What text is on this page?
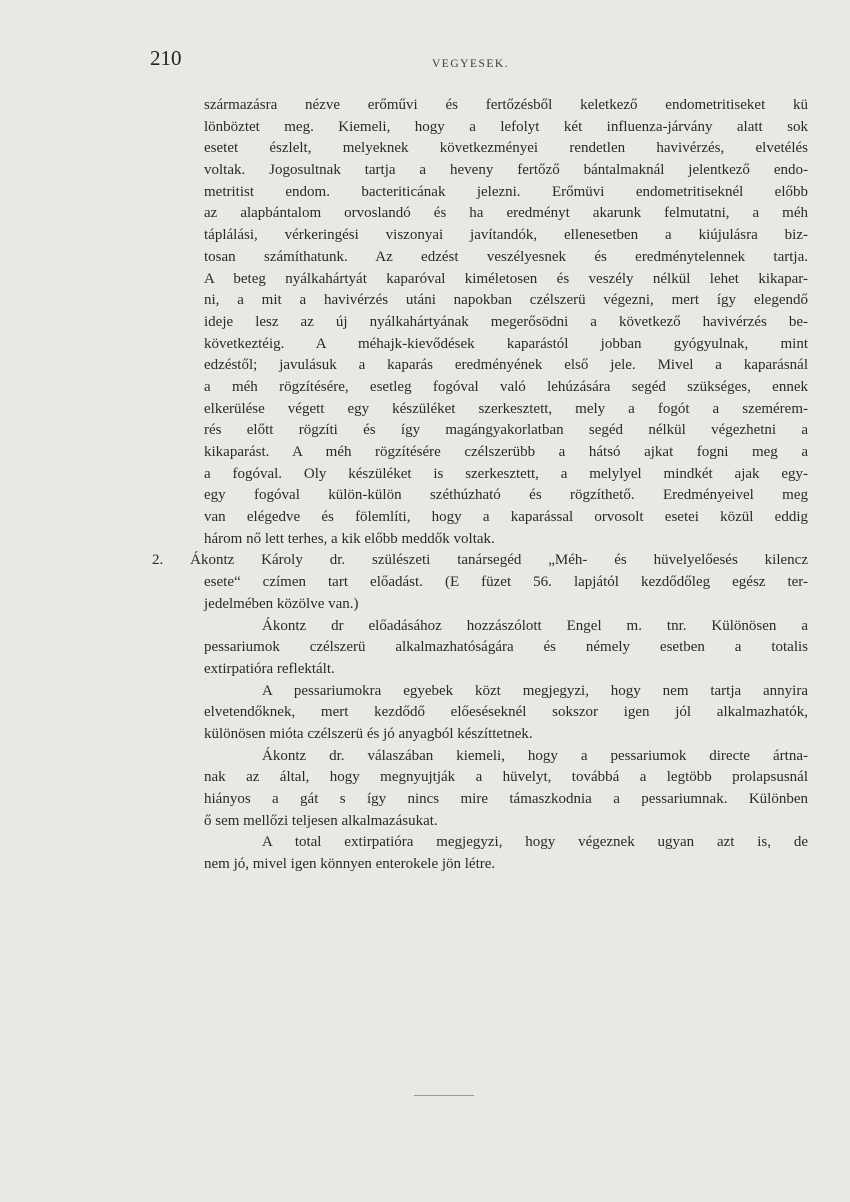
210	VEGYESEK.
származásra nézve erőművi és fertőzésből keletkező endometritiseket kü
lönböztet meg. Kiemeli, hogy a lefolyt két influenza-járvány alatt sok
esetet észlelt, melyeknek következményei rendetlen havivérzés, elvetélés
voltak. Jogosultnak tartja a heveny fertőző bántalmaknál jelentkező endo-
metritist endom. bacteriticának jelezni. Erőmüvi endometritiseknél előbb
az alapbántalom orvoslandó és ha eredményt akarunk felmutatni, a méh
táplálási, vérkeringési viszonyai javítandók, ellenesetben a kiújulásra biz-
tosan számíthatunk. Az edzést veszélyesnek és eredménytelennek tartja.
A beteg nyálkahártyát kaparóval kiméletosen és veszély nélkül lehet kikapar-
ni, a mit a havivérzés utáni napokban czélszerü végezni, mert így elegendő
ideje lesz az új nyálkahártyának megerősödni a következő havivérzés be-
következtéig. A méhajk-kievődések kaparástól jobban gyógyulnak, mint
edzéstől; javulásuk a kaparás eredményének első jele. Mivel a kaparásnál
a méh rögzítésére, esetleg fogóval való lehúzására segéd szükséges, ennek
elkerülése végett egy készüléket szerkesztett, mely a fogót a szemérem-
rés előtt rögzíti és így magángyakorlatban segéd nélkül végezhetni a
kikaparást. A méh rögzítésére czélszerübb a hátsó ajkat fogni meg a
a fogóval. Oly készüléket is szerkesztett, a melylyel mindkét ajak egy-
egy fogóval külön-külön széthúzható és rögzíthető. Eredményeivel meg
van elégedve és fölemlíti, hogy a kaparással orvosolt esetei közül eddig
három nő lett terhes, a kik előbb meddők voltak.
2. Ákontz Károly dr. szülészeti tanársegéd „Méh- és hüvelyelőesés kilencz
esete“ czímen tart előadást. (E füzet 56. lapjától kezdődőleg egész ter-
jedelmében közölve van.)
Ákontz dr előadásához hozzászólott Engel m. tnr. Különösen a
pessariumok czélszerü alkalmazhatóságára és némely esetben a totalis
extirpatióra reflektált.
A pessariumokra egyebek közt megjegyzi, hogy nem tartja annyira
elvetendőknek, mert kezdődő előeséseknél sokszor igen jól alkalmazhatók,
különösen mióta czélszerü és jó anyagból készíttetnek.
Ákontz dr. válaszában kiemeli, hogy a pessariumok directe ártna-
nak az által, hogy megnyujtják a hüvelyt, továbbá a legtöbb prolapsusnál
hiányos a gát s így nincs mire támaszkodnia a pessariumnak. Különben
ő sem mellőzi teljesen alkalmazásukat.
A total extirpatióra megjegyzi, hogy végeznek ugyan azt is, de
nem jó, mivel igen könnyen enterokele jön létre.
